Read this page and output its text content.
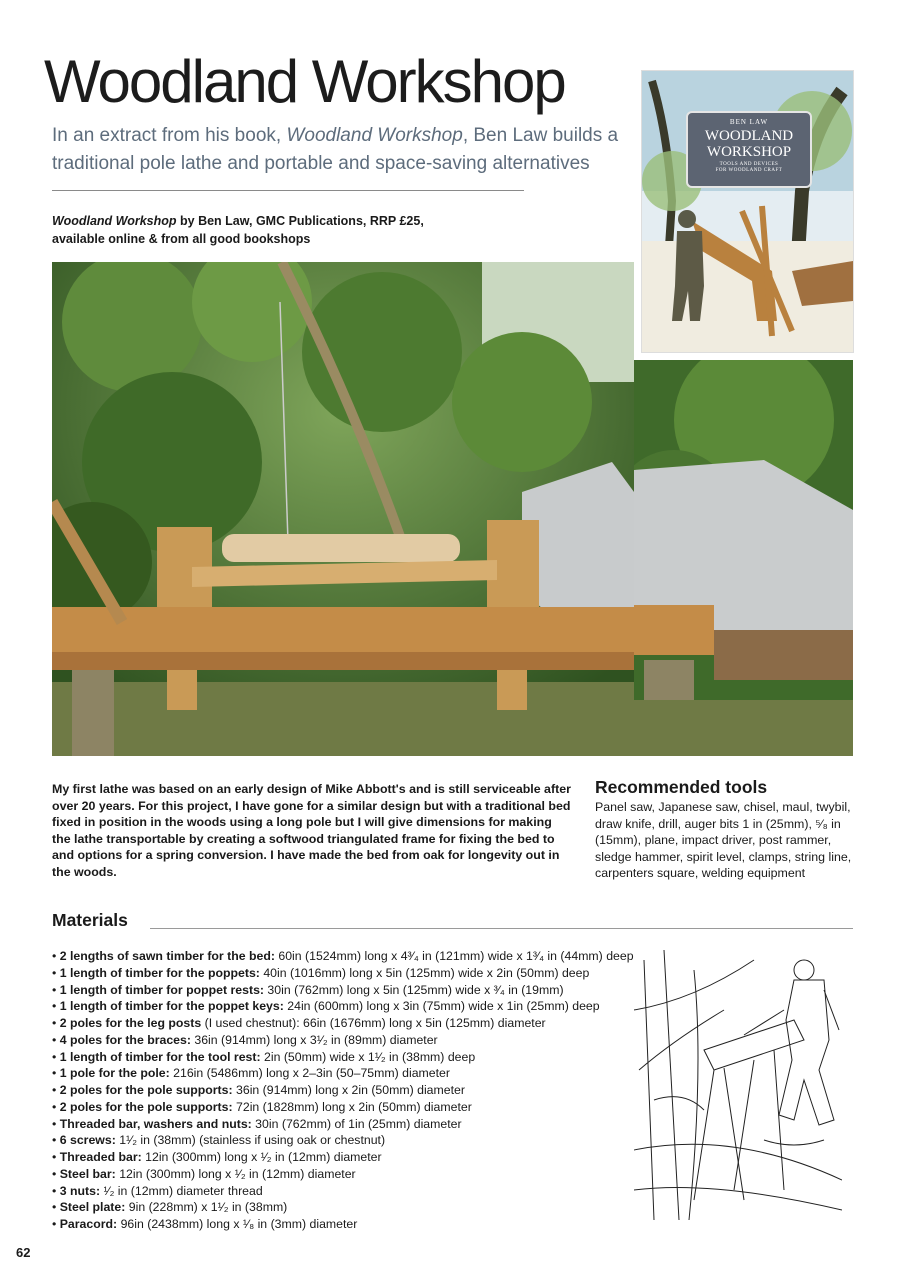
Woodland Workshop
In an extract from his book, Woodland Workshop, Ben Law builds a traditional pole lathe and portable and space-saving alternatives
Woodland Workshop by Ben Law, GMC Publications, RRP £25, available online & from all good bookshops
BEN LAW
WOODLAND
WORKSHOP
TOOLS AND DEVICES
FOR WOODLAND CRAFT
My first lathe was based on an early design of Mike Abbott's and is still serviceable after over 20 years. For this project, I have gone for a similar design but with a traditional bed fixed in position in the woods using a long pole but I will give dimensions for making the lathe transportable by creating a softwood triangulated frame for fixing the bed to and options for a spring conversion. I have made the bed from oak for longevity out in the woods.
Recommended tools
Panel saw, Japanese saw, chisel, maul, twybil, draw knife, drill, auger bits 1 in (25mm), ⁵⁄₈ in (15mm), plane, impact driver, post rammer, sledge hammer, spirit level, clamps, string line, carpenters square, welding equipment
Materials
• 2 lengths of sawn timber for the bed: 60in (1524mm) long x 4³⁄₄ in (121mm) wide x 1³⁄₄ in (44mm) deep
• 1 length of timber for the poppets: 40in (1016mm) long x 5in (125mm) wide x 2in (50mm) deep
• 1 length of timber for poppet rests: 30in (762mm) long x 5in (125mm) wide x ³⁄₄ in (19mm)
• 1 length of timber for the poppet keys: 24in (600mm) long x 3in (75mm) wide x 1in (25mm) deep
• 2 poles for the leg posts (I used chestnut): 66in (1676mm) long x 5in (125mm) diameter
• 4 poles for the braces: 36in (914mm) long x 3¹⁄₂ in (89mm) diameter
• 1 length of timber for the tool rest: 2in (50mm) wide x 1¹⁄₂ in (38mm) deep
• 1 pole for the pole: 216in (5486mm) long x 2–3in (50–75mm) diameter
• 2 poles for the pole supports: 36in (914mm) long x 2in (50mm) diameter
• 2 poles for the pole supports: 72in (1828mm) long x 2in (50mm) diameter
• Threaded bar, washers and nuts: 30in (762mm) of 1in (25mm) diameter
• 6 screws: 1¹⁄₂ in (38mm) (stainless if using oak or chestnut)
• Threaded bar: 12in (300mm) long x ¹⁄₂ in (12mm) diameter
• Steel bar: 12in (300mm) long x ¹⁄₂ in (12mm) diameter
• 3 nuts: ¹⁄₂ in (12mm) diameter thread
• Steel plate: 9in (228mm) x 1¹⁄₂ in (38mm)
• Paracord: 96in (2438mm) long x ¹⁄₈ in (3mm) diameter
62
